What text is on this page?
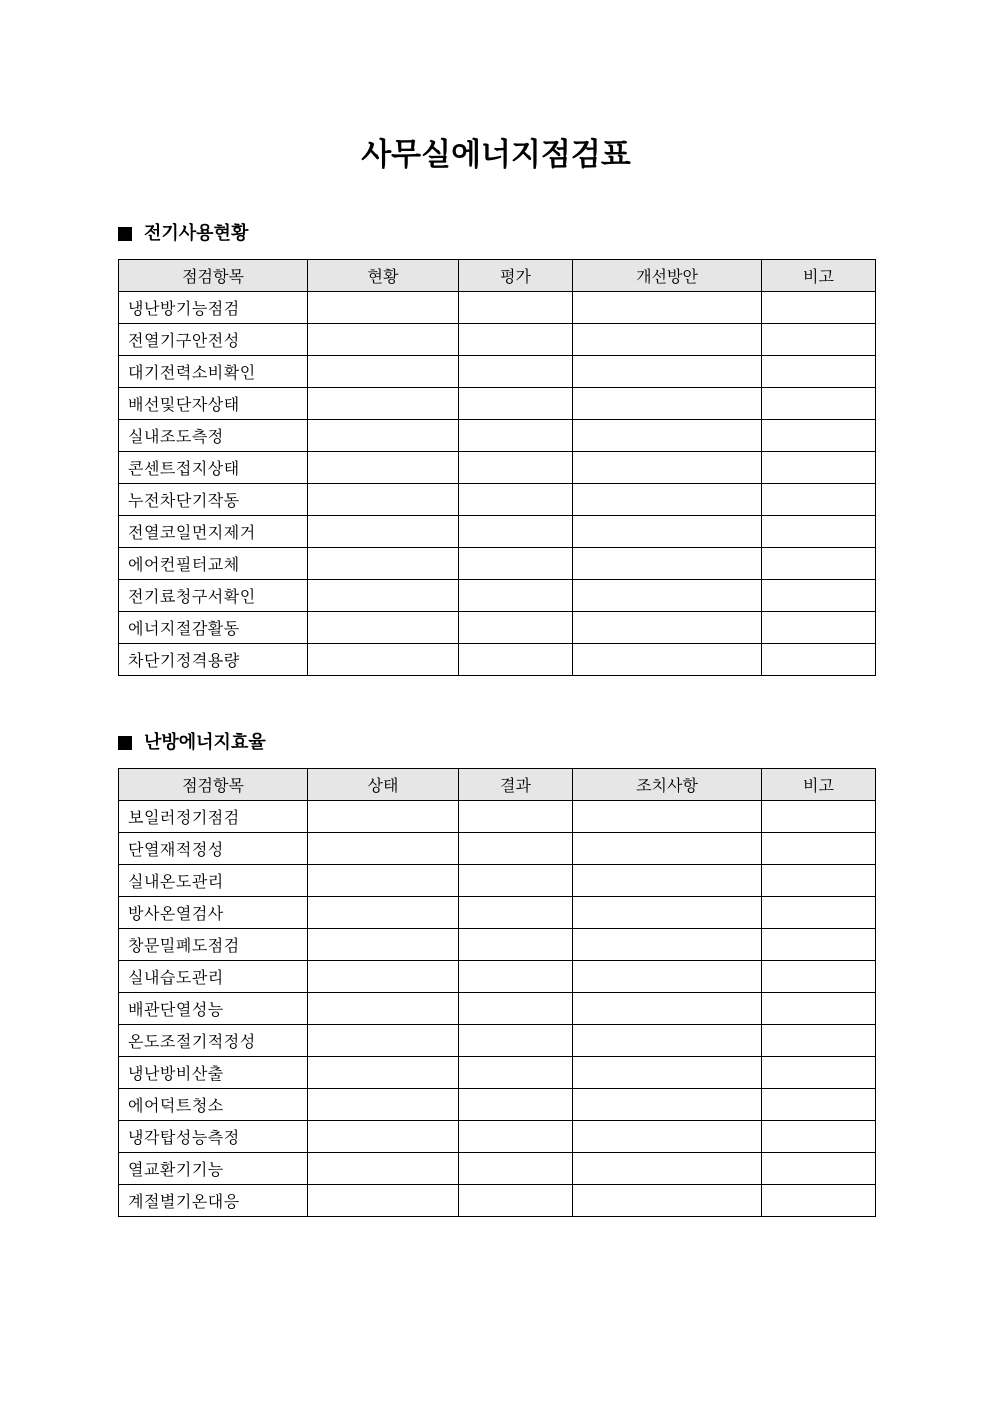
사무실에너지점검표
전기사용현황
점검항목	현황	평가	개선방안	비고
냉난방기능점검				
전열기구안전성				
대기전력소비확인				
배선및단자상태				
실내조도측정				
콘센트접지상태				
누전차단기작동				
전열코일먼지제거				
에어컨필터교체				
전기료청구서확인				
에너지절감활동				
차단기정격용량				
난방에너지효율
점검항목	상태	결과	조치사항	비고
보일러정기점검				
단열재적정성				
실내온도관리				
방사온열검사				
창문밀폐도점검				
실내습도관리				
배관단열성능				
온도조절기적정성				
냉난방비산출				
에어덕트청소				
냉각탑성능측정				
열교환기기능				
계절별기온대응				
